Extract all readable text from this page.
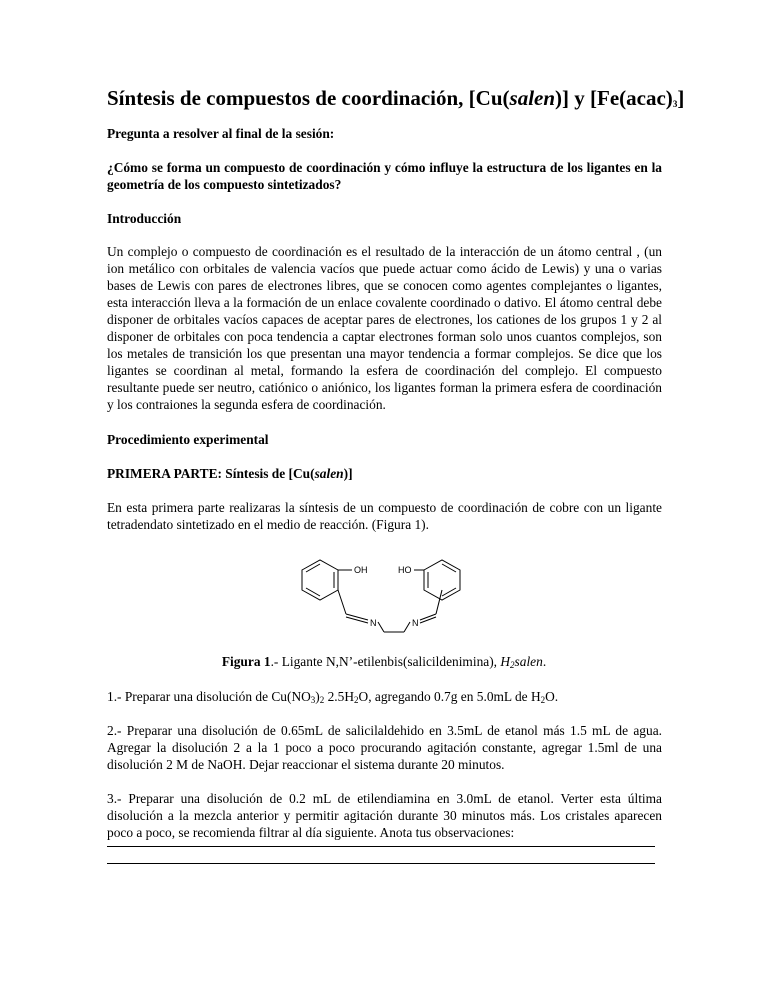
Síntesis de compuestos de coordinación, [Cu(salen)] y $[Fe(acac)_3]$

Pregunta a resolver al final de la sesión:

¿Cómo se forma un compuesto de coordinación y cómo influye la estructura de los ligantes en la geometría de los compuesto sintetizados?

Introducción

Un complejo o compuesto de coordinación es el resultado de la interacción de un átomo central , (un ion metálico con orbitales de valencia vacíos que puede actuar como ácido de Lewis) y una o varias bases de Lewis con pares de electrones libres, que se conocen como agentes complejantes o ligantes, esta interacción lleva a la formación de un enlace covalente coordinado o dativo. El átomo central debe disponer de orbitales vacíos capaces de aceptar pares de electrones, los cationes de los grupos 1 y 2 al disponer de orbitales con poca tendencia a captar electrones forman solo unos cuantos complejos, son los metales de transición los que presentan una mayor tendencia a formar complejos. Se dice que los ligantes se coordinan al metal, formando la esfera de coordinación del complejo. El compuesto resultante puede ser neutro, catiónico o aniónico, los ligantes forman la primera esfera de coordinación y los contraiones la segunda esfera de coordinación.

Procedimiento experimental

PRIMERA PARTE: Síntesis de [Cu(salen)]

En esta primera parte realizaras la síntesis de un compuesto de coordinación de cobre con un ligante tetradendato sintetizado en el medio de reacción. (Figura 1).

OH	HO
N	N

Figura 1.- Ligante N,N’-etilenbis(salicildenimina), $H_2salen$.

1.- Preparar una disolución de $Cu(NO_3)_2$ $2.5H_2O$, agregando 0.7g en 5.0mL de $H_2O$.

2.- Preparar una disolución de 0.65mL de salicilaldehido en 3.5mL de etanol más 1.5 mL de agua. Agregar la disolución 2 a la 1 poco a poco procurando agitación constante, agregar 1.5ml de una disolución 2 M de NaOH. Dejar reaccionar el sistema durante 20 minutos.

3.- Preparar una disolución de 0.2 mL de etilendiamina en 3.0mL de etanol. Verter esta última disolución a la mezcla anterior y permitir agitación durante 30 minutos más. Los cristales aparecen poco a poco, se recomienda filtrar al día siguiente. Anota tus observaciones:
